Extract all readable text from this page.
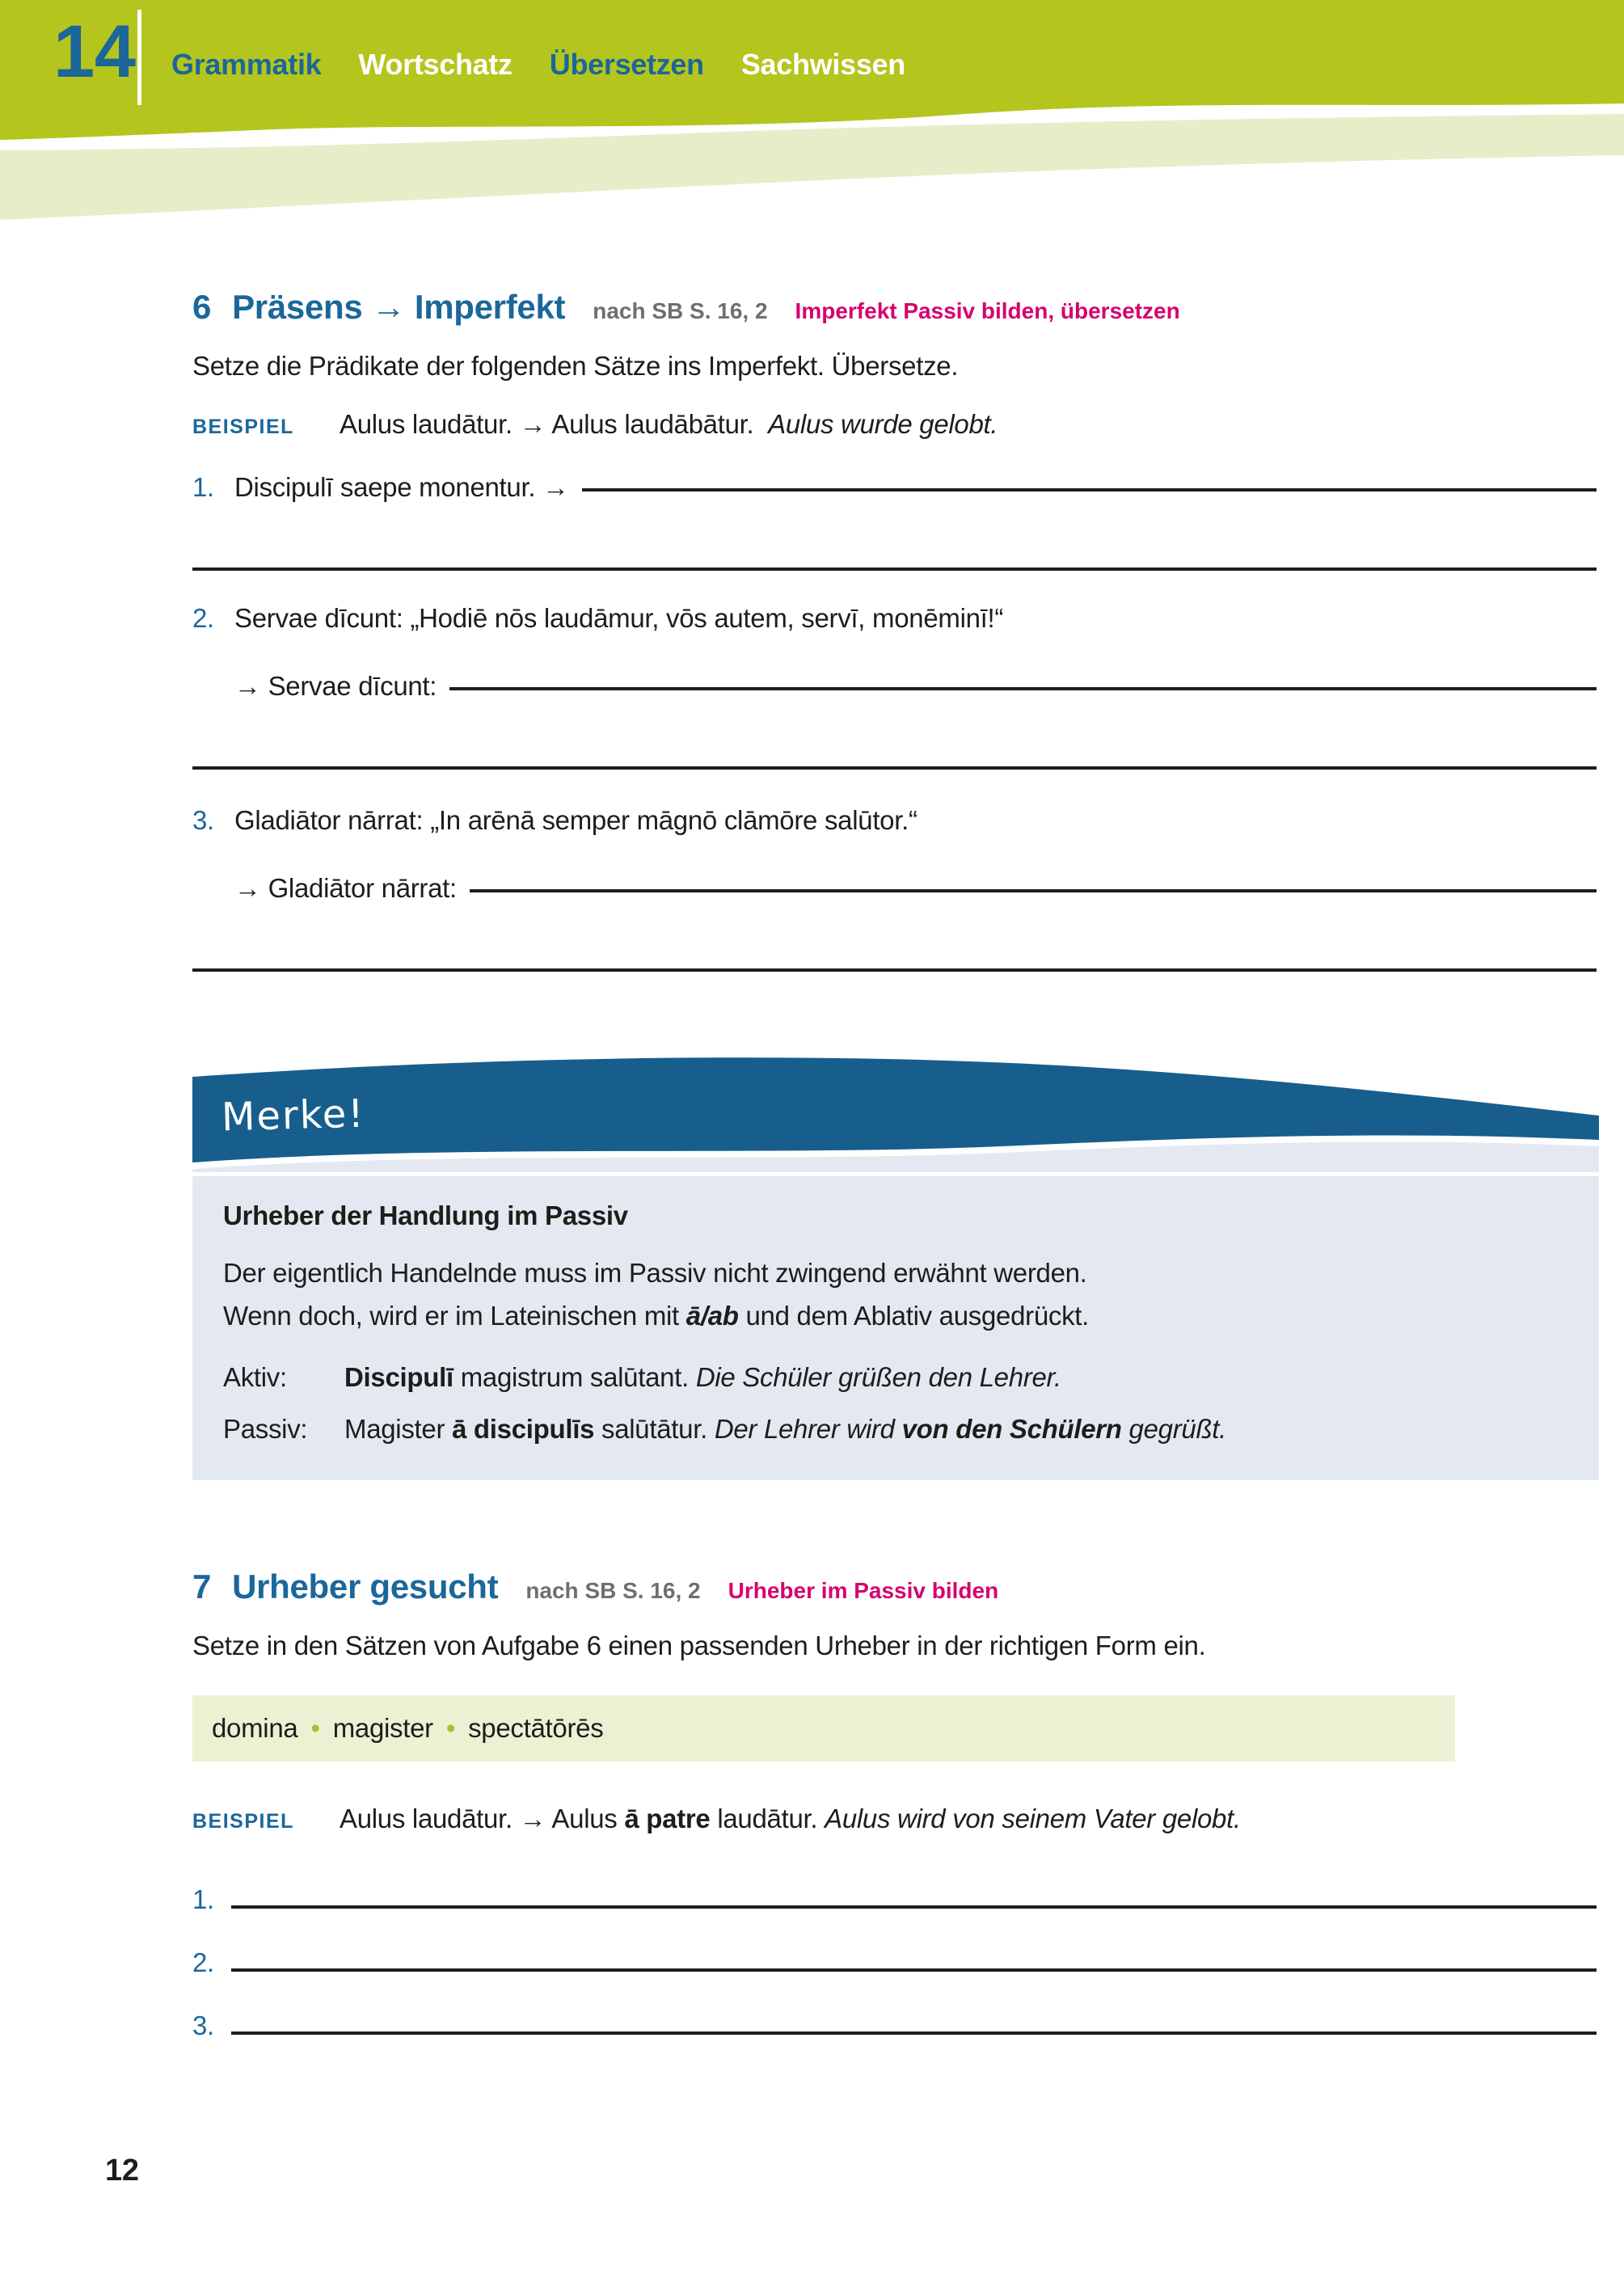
14 Grammatik Wortschatz Übersetzen Sachwissen
6 Präsens → Imperfekt nach SB S. 16, 2 Imperfekt Passiv bilden, übersetzen

Setze die Prädikate der folgenden Sätze ins Imperfekt. Übersetze.

BEISPIEL	Aulus laudātur. → Aulus laudābātur. Aulus wurde gelobt.
1. Discipulī saepe monentur. →
2. Servae dīcunt: „Hodiē nōs laudāmur, vōs autem, servī, monēminī!“
→ Servae dīcunt:
3. Gladiātor nārrat: „In arēnā semper māgnō clāmōre salūtor.“
→ Gladiātor nārrat:
Merke!

Urheber der Handlung im Passiv

Der eigentlich Handelnde muss im Passiv nicht zwingend erwähnt werden.
Wenn doch, wird er im Lateinischen mit ā/ab und dem Ablativ ausgedrückt.

Aktiv:	Discipulī magistrum salūtant. Die Schüler grüßen den Lehrer.
Passiv:	Magister ā discipulīs salūtātur. Der Lehrer wird von den Schülern gegrüßt.
7 Urheber gesucht nach SB S. 16, 2 Urheber im Passiv bilden

Setze in den Sätzen von Aufgabe 6 einen passenden Urheber in der richtigen Form ein.

domina • magister • spectātōrēs
BEISPIEL	Aulus laudātur. → Aulus ā patre laudātur. Aulus wird von seinem Vater gelobt.
1.
2.
3.
12
